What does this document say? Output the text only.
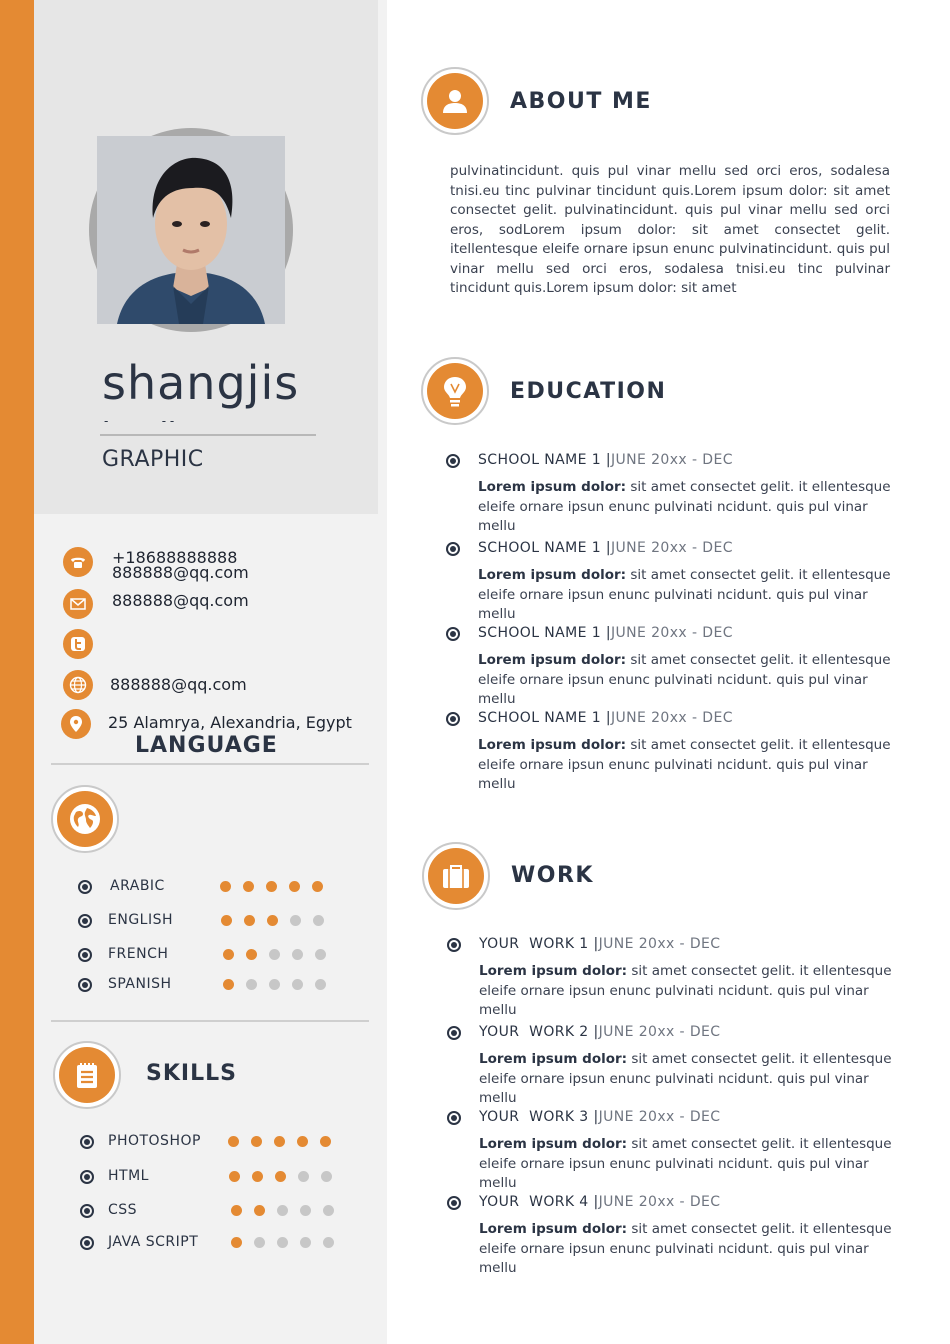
shangjis
-              - -
GRAPHIC
+18688888888
888888@qq.com
888888@qq.com
888888@qq.com
25 Alamrya, Alexandria, Egypt
LANGUAGE
ARABIC
ENGLISH
FRENCH
SPANISH
SKILLS
PHOTOSHOP
HTML
CSS
JAVA SCRIPT
ABOUT ME
pulvinatincidunt. quis pul vinar mellu sed orci eros, sodalesa tnisi.eu tinc pulvinar tincidunt quis.Lorem ipsum dolor: sit amet consectet gelit. pulvinatincidunt. quis pul vinar mellu sed orci eros, sodLorem ipsum dolor: sit amet consectet gelit. itellentesque eleife ornare ipsun enunc pulvinatincidunt. quis pul vinar mellu sed orci eros, sodalesa tnisi.eu tinc pulvinar tincidunt quis.Lorem ipsum dolor: sit amet
EDUCATION
SCHOOL NAME 1 |JUNE 20xx - DEC
Lorem ipsum dolor: sit amet consectet gelit. it ellentesque eleife ornare ipsun enunc pulvinati ncidunt. quis pul vinar mellu
SCHOOL NAME 1 |JUNE 20xx - DEC
Lorem ipsum dolor: sit amet consectet gelit. it ellentesque eleife ornare ipsun enunc pulvinati ncidunt. quis pul vinar mellu
SCHOOL NAME 1 |JUNE 20xx - DEC
Lorem ipsum dolor: sit amet consectet gelit. it ellentesque eleife ornare ipsun enunc pulvinati ncidunt. quis pul vinar mellu
SCHOOL NAME 1 |JUNE 20xx - DEC
Lorem ipsum dolor: sit amet consectet gelit. it ellentesque eleife ornare ipsun enunc pulvinati ncidunt. quis pul vinar mellu
WORK
YOUR  WORK 1 |JUNE 20xx - DEC
Lorem ipsum dolor: sit amet consectet gelit. it ellentesque eleife ornare ipsun enunc pulvinati ncidunt. quis pul vinar mellu
YOUR  WORK 2 |JUNE 20xx - DEC
Lorem ipsum dolor: sit amet consectet gelit. it ellentesque eleife ornare ipsun enunc pulvinati ncidunt. quis pul vinar mellu
YOUR  WORK 3 |JUNE 20xx - DEC
Lorem ipsum dolor: sit amet consectet gelit. it ellentesque eleife ornare ipsun enunc pulvinati ncidunt. quis pul vinar mellu
YOUR  WORK 4 |JUNE 20xx - DEC
Lorem ipsum dolor: sit amet consectet gelit. it ellentesque eleife ornare ipsun enunc pulvinati ncidunt. quis pul vinar mellu
